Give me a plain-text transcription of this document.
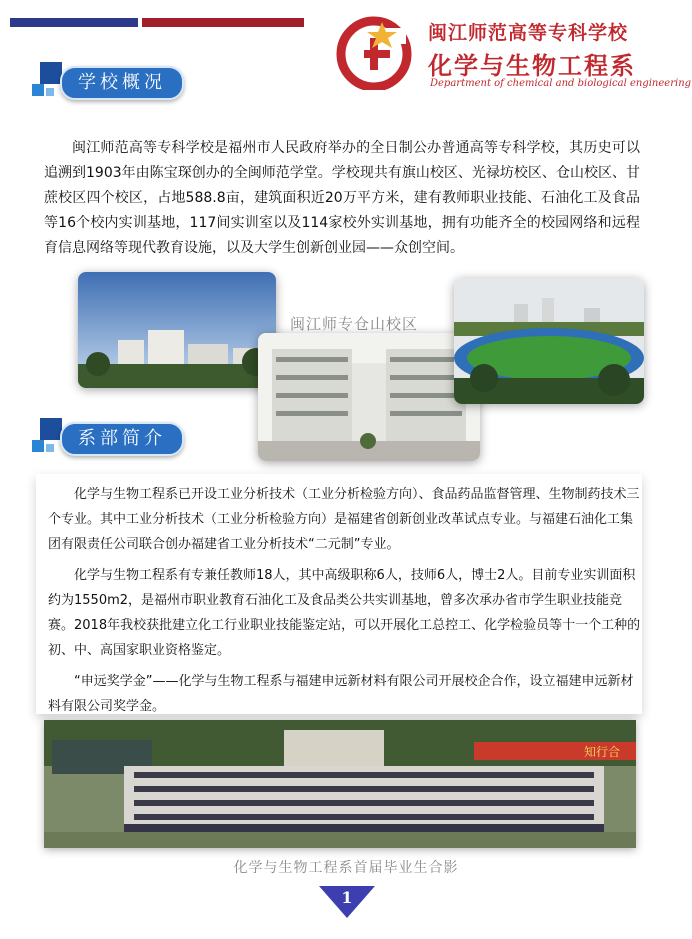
闽江师范高等专科学校
化学与生物工程系
Department of chemical and biological engineering
学校概况

闽江师范高等专科学校是福州市人民政府举办的全日制公办普通高等专科学校，其历史可以追溯到1903年由陈宝琛创办的全闽师范学堂。学校现共有旗山校区、光禄坊校区、仓山校区、甘蔗校区四个校区，占地588.8亩，建筑面积近20万平方米，建有教师职业技能、石油化工及食品等16个校内实训基地，117间实训室以及114家校外实训基地，拥有功能齐全的校园网络和远程育信息网络等现代教育设施，以及大学生创新创业园——众创空间。

闽江师专仓山校区
系部简介

化学与生物工程系已开设工业分析技术（工业分析检验方向）、食品药品监督管理、生物制药技术三个专业。其中工业分析技术（工业分析检验方向）是福建省创新创业改革试点专业。与福建石油化工集团有限责任公司联合创办福建省工业分析技术“二元制”专业。

化学与生物工程系有专兼任教师18人，其中高级职称6人，技师6人，博士2人。目前专业实训面积约为1550m2，是福州市职业教育石油化工及食品类公共实训基地，曾多次承办省市学生职业技能竞赛。2018年我校获批建立化工行业职业技能鉴定站，可以开展化工总控工、化学检验员等十一个工种的初、中、高国家职业资格鉴定。

“申远奖学金”——化学与生物工程系与福建申远新材料有限公司开展校企合作，设立福建申远新材料有限公司奖学金。

知行合
化学与生物工程系首届毕业生合影
1
